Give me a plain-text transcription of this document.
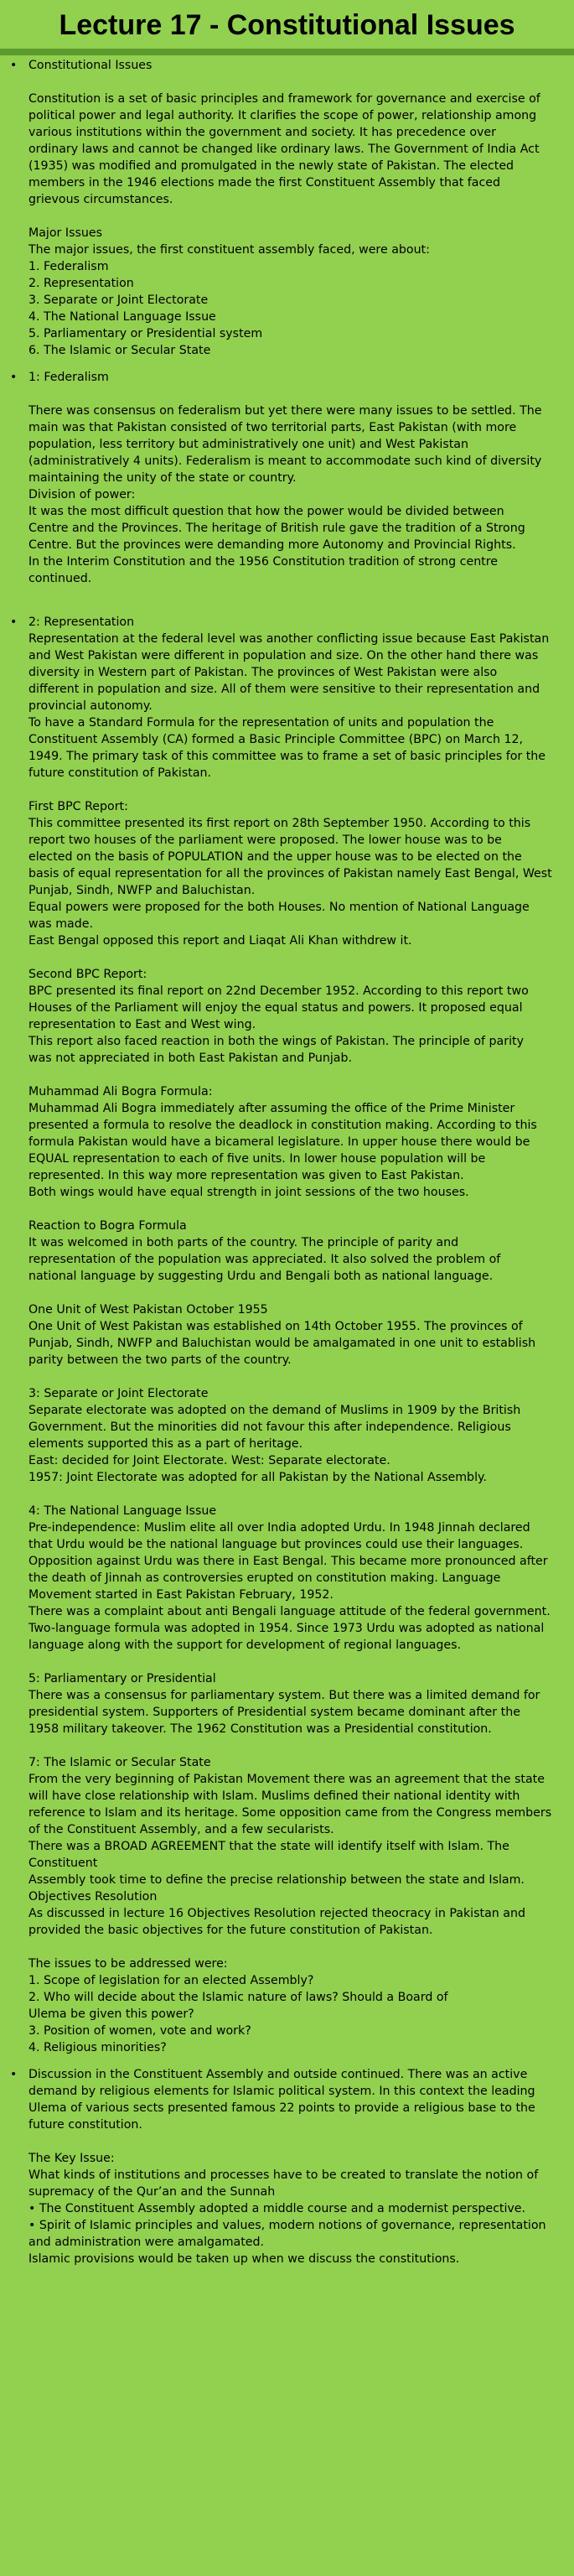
Lecture 17 - Constitutional Issues
• Constitutional Issues
Constitution is a set of basic principles and framework for governance and exercise of
political power and legal authority. It clarifies the scope of power, relationship among
various institutions within the government and society. It has precedence over
ordinary laws and cannot be changed like ordinary laws. The Government of India Act
(1935) was modified and promulgated in the newly state of Pakistan. The elected
members in the 1946 elections made the first Constituent Assembly that faced
grievous circumstances.
Major Issues
The major issues, the first constituent assembly faced, were about:
1. Federalism
2. Representation
3. Separate or Joint Electorate
4. The National Language Issue
5. Parliamentary or Presidential system
6. The Islamic or Secular State
• 1: Federalism
There was consensus on federalism but yet there were many issues to be settled. The
main was that Pakistan consisted of two territorial parts, East Pakistan (with more
population, less territory but administratively one unit) and West Pakistan
(administratively 4 units). Federalism is meant to accommodate such kind of diversity
maintaining the unity of the state or country.
Division of power:
It was the most difficult question that how the power would be divided between
Centre and the Provinces. The heritage of British rule gave the tradition of a Strong
Centre. But the provinces were demanding more Autonomy and Provincial Rights.
In the Interim Constitution and the 1956 Constitution tradition of strong centre
continued.
• 2: Representation
Representation at the federal level was another conflicting issue because East Pakistan
and West Pakistan were different in population and size. On the other hand there was
diversity in Western part of Pakistan. The provinces of West Pakistan were also
different in population and size. All of them were sensitive to their representation and
provincial autonomy.
To have a Standard Formula for the representation of units and population the
Constituent Assembly (CA) formed a Basic Principle Committee (BPC) on March 12,
1949. The primary task of this committee was to frame a set of basic principles for the
future constitution of Pakistan.
First BPC Report:
This committee presented its first report on 28th September 1950. According to this
report two houses of the parliament were proposed. The lower house was to be
elected on the basis of POPULATION and the upper house was to be elected on the
basis of equal representation for all the provinces of Pakistan namely East Bengal, West
Punjab, Sindh, NWFP and Baluchistan.
Equal powers were proposed for the both Houses. No mention of National Language
was made.
East Bengal opposed this report and Liaqat Ali Khan withdrew it.
Second BPC Report:
BPC presented its final report on 22nd December 1952. According to this report two
Houses of the Parliament will enjoy the equal status and powers. It proposed equal
representation to East and West wing.
This report also faced reaction in both the wings of Pakistan. The principle of parity
was not appreciated in both East Pakistan and Punjab.
Muhammad Ali Bogra Formula:
Muhammad Ali Bogra immediately after assuming the office of the Prime Minister
presented a formula to resolve the deadlock in constitution making. According to this
formula Pakistan would have a bicameral legislature. In upper house there would be
EQUAL representation to each of five units. In lower house population will be
represented. In this way more representation was given to East Pakistan.
Both wings would have equal strength in joint sessions of the two houses.
Reaction to Bogra Formula
It was welcomed in both parts of the country. The principle of parity and
representation of the population was appreciated. It also solved the problem of
national language by suggesting Urdu and Bengali both as national language.
One Unit of West Pakistan October 1955
One Unit of West Pakistan was established on 14th October 1955. The provinces of
Punjab, Sindh, NWFP and Baluchistan would be amalgamated in one unit to establish
parity between the two parts of the country.
3: Separate or Joint Electorate
Separate electorate was adopted on the demand of Muslims in 1909 by the British
Government. But the minorities did not favour this after independence. Religious
elements supported this as a part of heritage.
East: decided for Joint Electorate. West: Separate electorate.
1957: Joint Electorate was adopted for all Pakistan by the National Assembly.
4: The National Language Issue
Pre-independence: Muslim elite all over India adopted Urdu. In 1948 Jinnah declared
that Urdu would be the national language but provinces could use their languages.
Opposition against Urdu was there in East Bengal. This became more pronounced after
the death of Jinnah as controversies erupted on constitution making. Language
Movement started in East Pakistan February, 1952.
There was a complaint about anti Bengali language attitude of the federal government.
Two-language formula was adopted in 1954. Since 1973 Urdu was adopted as national
language along with the support for development of regional languages.
5: Parliamentary or Presidential
There was a consensus for parliamentary system. But there was a limited demand for
presidential system. Supporters of Presidential system became dominant after the
1958 military takeover. The 1962 Constitution was a Presidential constitution.
7: The Islamic or Secular State
From the very beginning of Pakistan Movement there was an agreement that the state
will have close relationship with Islam. Muslims defined their national identity with
reference to Islam and its heritage. Some opposition came from the Congress members
of the Constituent Assembly, and a few secularists.
There was a BROAD AGREEMENT that the state will identify itself with Islam. The
Constituent
Assembly took time to define the precise relationship between the state and Islam.
Objectives Resolution
As discussed in lecture 16 Objectives Resolution rejected theocracy in Pakistan and
provided the basic objectives for the future constitution of Pakistan.
The issues to be addressed were:
1. Scope of legislation for an elected Assembly?
2. Who will decide about the Islamic nature of laws? Should a Board of
Ulema be given this power?
3. Position of women, vote and work?
4. Religious minorities?
• Discussion in the Constituent Assembly and outside continued. There was an active
demand by religious elements for Islamic political system. In this context the leading
Ulema of various sects presented famous 22 points to provide a religious base to the
future constitution.
The Key Issue:
What kinds of institutions and processes have to be created to translate the notion of
supremacy of the Qur’an and the Sunnah
• The Constituent Assembly adopted a middle course and a modernist perspective.
• Spirit of Islamic principles and values, modern notions of governance, representation
and administration were amalgamated.
Islamic provisions would be taken up when we discuss the constitutions.
